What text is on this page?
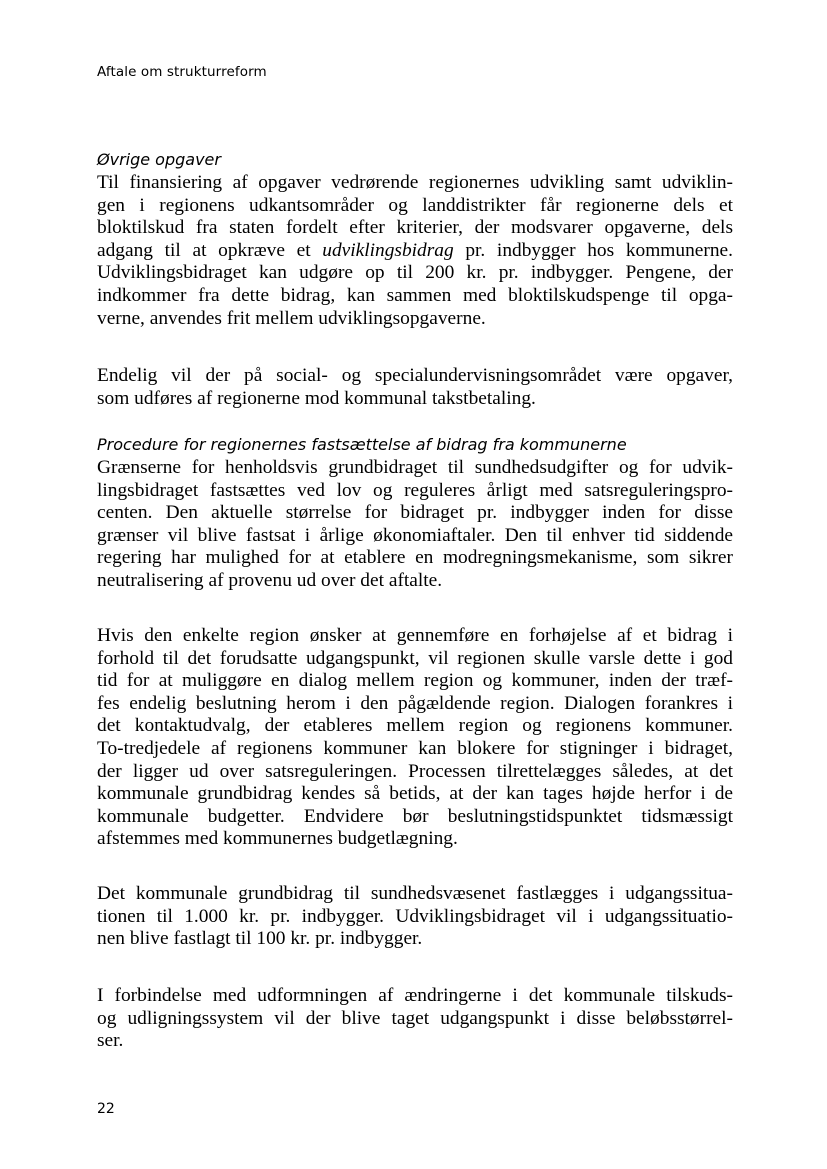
Aftale om strukturreform
Øvrige opgaver
Til finansiering af opgaver vedrørende regionernes udvikling samt udviklin-
gen i regionens udkantsområder og landdistrikter får regionerne dels et
bloktilskud fra staten fordelt efter kriterier, der modsvarer opgaverne, dels
adgang til at opkræve et udviklingsbidrag pr. indbygger hos kommunerne.
Udviklingsbidraget kan udgøre op til 200 kr. pr. indbygger. Pengene, der
indkommer fra dette bidrag, kan sammen med bloktilskudspenge til opga-
verne, anvendes frit mellem udviklingsopgaverne.
Endelig vil der på social- og specialundervisningsområdet være opgaver,
som udføres af regionerne mod kommunal takstbetaling.
Procedure for regionernes fastsættelse af bidrag fra kommunerne
Grænserne for henholdsvis grundbidraget til sundhedsudgifter og for udvik-
lingsbidraget fastsættes ved lov og reguleres årligt med satsreguleringspro-
centen. Den aktuelle størrelse for bidraget pr. indbygger inden for disse
grænser vil blive fastsat i årlige økonomiaftaler. Den til enhver tid siddende
regering har mulighed for at etablere en modregningsmekanisme, som sikrer
neutralisering af provenu ud over det aftalte.
Hvis den enkelte region ønsker at gennemføre en forhøjelse af et bidrag i
forhold til det forudsatte udgangspunkt, vil regionen skulle varsle dette i god
tid for at muliggøre en dialog mellem region og kommuner, inden der træf-
fes endelig beslutning herom i den pågældende region. Dialogen forankres i
det kontaktudvalg, der etableres mellem region og regionens kommuner.
To-tredjedele af regionens kommuner kan blokere for stigninger i bidraget,
der ligger ud over satsreguleringen. Processen tilrettelægges således, at det
kommunale grundbidrag kendes så betids, at der kan tages højde herfor i de
kommunale budgetter. Endvidere bør beslutningstidspunktet tidsmæssigt
afstemmes med kommunernes budgetlægning.
Det kommunale grundbidrag til sundhedsvæsenet fastlægges i udgangssitua-
tionen til 1.000 kr. pr. indbygger. Udviklingsbidraget vil i udgangssituatio-
nen blive fastlagt til 100 kr. pr. indbygger.
I forbindelse med udformningen af ændringerne i det kommunale tilskuds-
og udligningssystem vil der blive taget udgangspunkt i disse beløbsstørrel-
ser.
22
